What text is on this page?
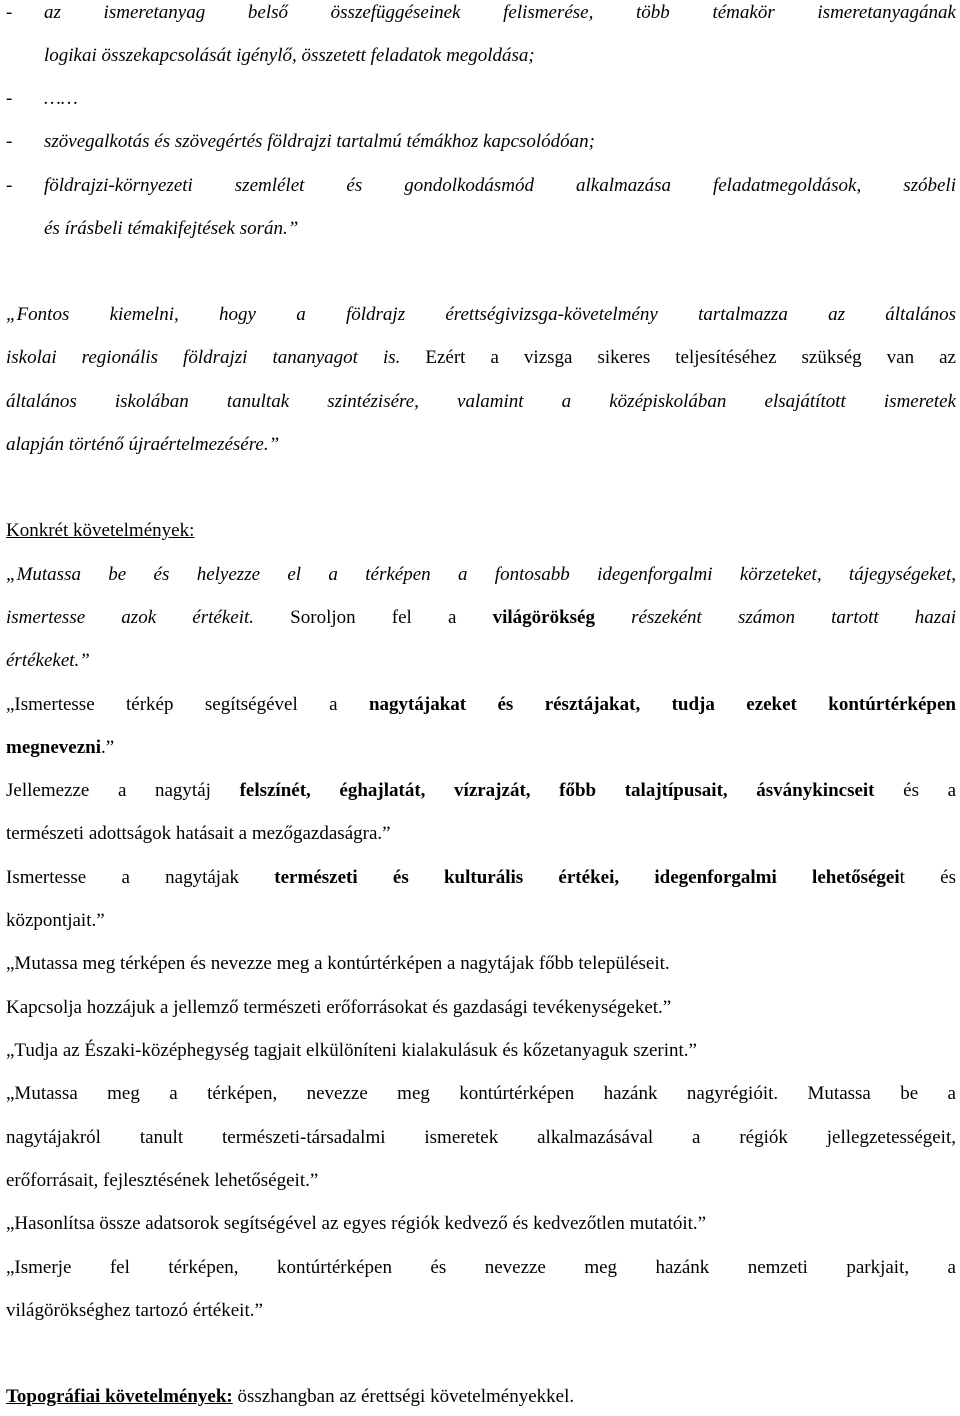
-	az ismeretanyag belső összefüggéseinek felismerése, több témakör ismeretanyagának
logikai összekapcsolását igénylő, összetett feladatok megoldása;
-	……
-	szövegalkotás és szövegértés földrajzi tartalmú témákhoz kapcsolódóan;
-	földrajzi-környezeti szemlélet és gondolkodásmód alkalmazása feladatmegoldások, szóbeli
és írásbeli témakifejtések során.”
„Fontos kiemelni, hogy a földrajz érettségivizsga-követelmény tartalmazza az általános
iskolai regionális földrajzi tananyagot is. Ezért a vizsga sikeres teljesítéséhez szükség van az
általános iskolában tanultak szintézisére, valamint a középiskolában elsajátított ismeretek
alapján történő újraértelmezésére.”
Konkrét követelmények:
„Mutassa be és helyezze el a térképen a fontosabb idegenforgalmi körzeteket, tájegységeket,
ismertesse azok értékeit. Soroljon fel a világörökség részeként számon tartott hazai
értékeket.”
„Ismertesse térkép segítségével a nagytájakat és résztájakat, tudja ezeket kontúrtérképen
megnevezni.”
Jellemezze a nagytáj felszínét, éghajlatát, vízrajzát, főbb talajtípusait, ásványkincseit és a
természeti adottságok hatásait a mezőgazdaságra.”
Ismertesse a nagytájak természeti és kulturális értékei, idegenforgalmi lehetőségeit és
központjait.”
„Mutassa meg térképen és nevezze meg a kontúrtérképen a nagytájak főbb településeit.
Kapcsolja hozzájuk a jellemző természeti erőforrásokat és gazdasági tevékenységeket.”
„Tudja az Északi-középhegység tagjait elkülöníteni kialakulásuk és kőzetanyaguk szerint.”
„Mutassa meg a térképen, nevezze meg kontúrtérképen hazánk nagyrégióit. Mutassa be a
nagytájakról tanult természeti-társadalmi ismeretek alkalmazásával a régiók jellegzetességeit,
erőforrásait, fejlesztésének lehetőségeit.”
„Hasonlítsa össze adatsorok segítségével az egyes régiók kedvező és kedvezőtlen mutatóit.”
„Ismerje fel térképen, kontúrtérképen és nevezze meg hazánk nemzeti parkjait, a
világörökséghez tartozó értékeit.”
Topográfiai követelmények: összhangban az érettségi követelményekkel.
